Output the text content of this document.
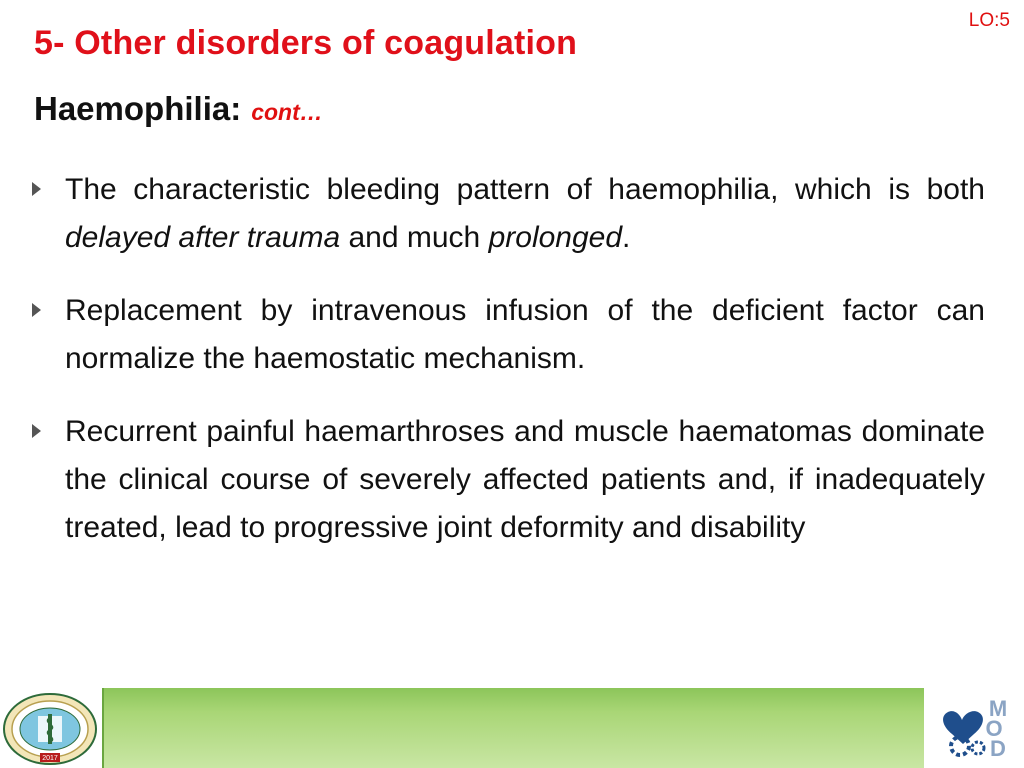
LO:5
5- Other disorders of coagulation
Haemophilia: cont…
The characteristic bleeding pattern of haemophilia, which is both delayed after trauma and much prolonged.
Replacement by intravenous infusion of the deficient factor can normalize the haemostatic mechanism.
Recurrent painful haemarthroses and muscle haematomas dominate the clinical course of severely affected patients and, if inadequately treated, lead to progressive joint deformity and disability
2017
M
O
D
